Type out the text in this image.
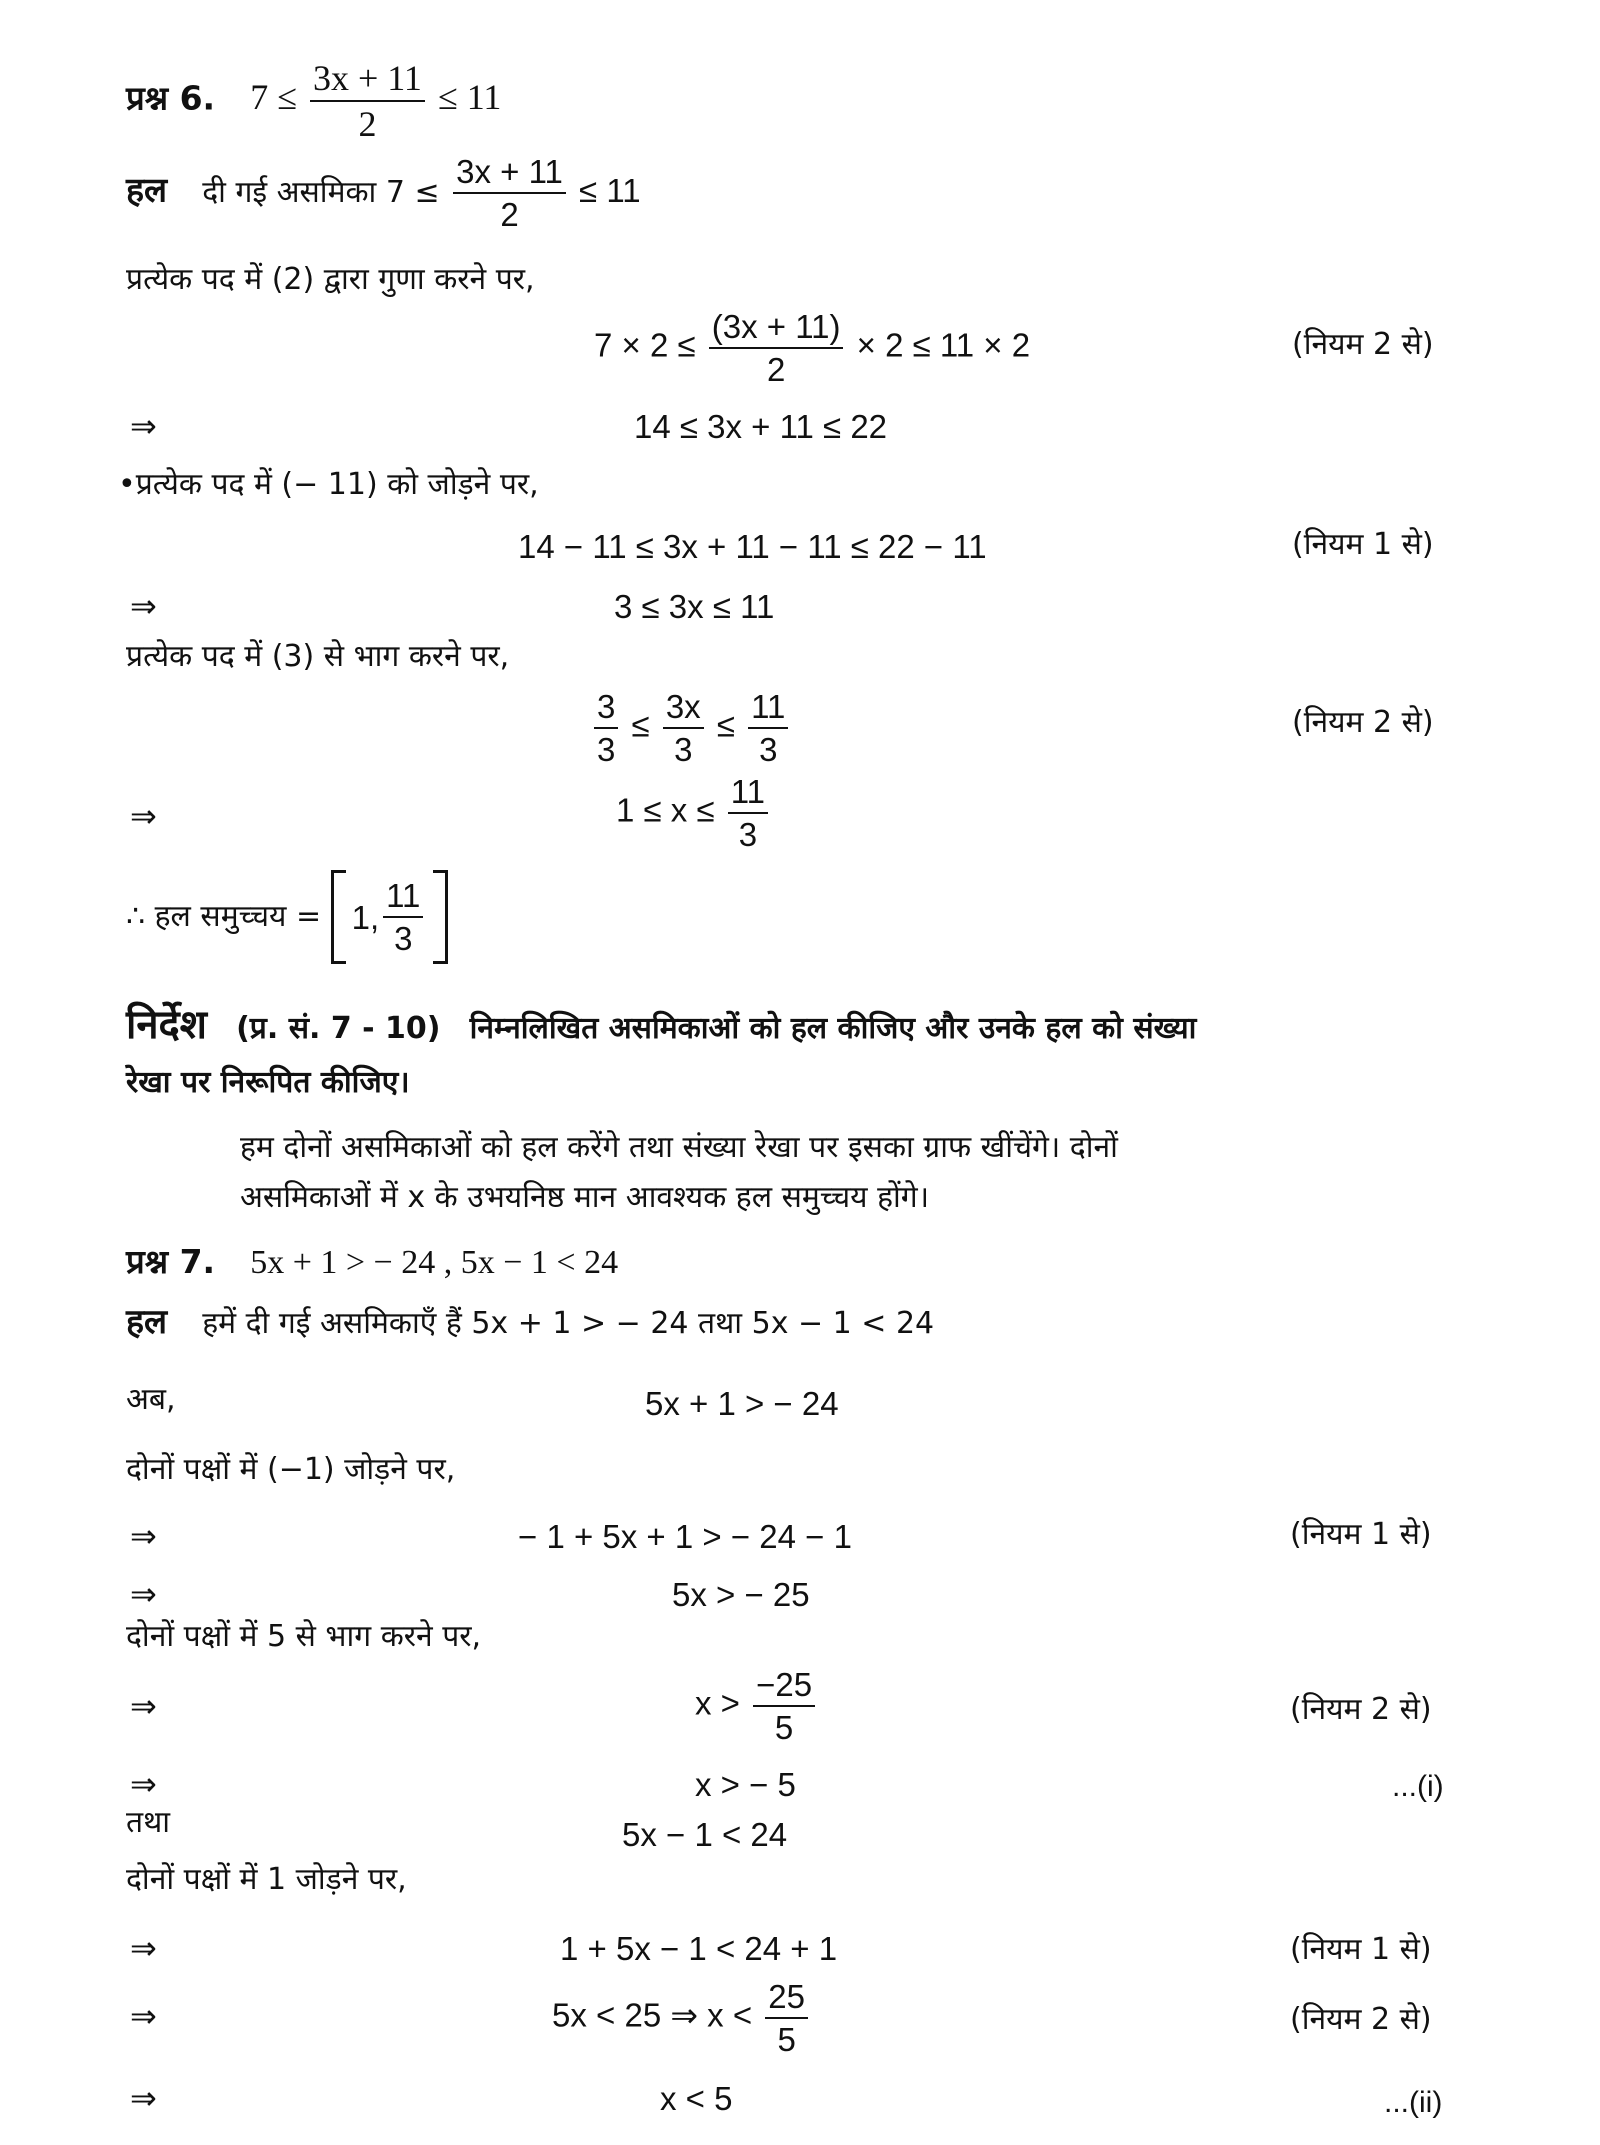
प्रश्न 6. $7 \le \frac{3x + 11}{2} \le 11$
हल दी गई असमिका $7 \le \frac{3x + 11}{2} \le 11$
प्रत्येक पद में (2) द्वारा गुणा करने पर,
$7 \times 2 \le \frac{(3x + 11)}{2} \times 2 \le 11 \times 2$	(नियम 2 से)
⇒	14 ≤ 3x + 11 ≤ 22
•प्रत्येक पद में (− 11) को जोड़ने पर,
14 − 11 ≤ 3x + 11 − 11 ≤ 22 − 11	(नियम 1 से)
⇒	3 ≤ 3x ≤ 11
प्रत्येक पद में (3) से भाग करने पर,
$\frac{3}{3} \le \frac{3x}{3} \le \frac{11}{3}$	(नियम 2 से)
⇒	$1 \le x \le \frac{11}{3}$
∴ हल समुच्चय = 1, $\frac{11}{3}$
निर्देश (प्र. सं. 7 - 10) निम्नलिखित असमिकाओं को हल कीजिए और उनके हल को संख्या
रेखा पर निरूपित कीजिए।
हम दोनों असमिकाओं को हल करेंगे तथा संख्या रेखा पर इसका ग्राफ खींचेंगे। दोनों
असमिकाओं में x के उभयनिष्ठ मान आवश्यक हल समुच्चय होंगे।
प्रश्न 7. 5x + 1 > − 24 , 5x − 1 < 24
हल हमें दी गई असमिकाएँ हैं 5x + 1 > − 24 तथा 5x − 1 < 24
अब,	5x + 1 > − 24
दोनों पक्षों में (−1) जोड़ने पर,
⇒	− 1 + 5x + 1 > − 24 − 1	(नियम 1 से)
⇒	5x > − 25
दोनों पक्षों में 5 से भाग करने पर,
⇒	$x > \frac{-25}{5}$	(नियम 2 से)
⇒	x > − 5	...(i)
तथा	5x − 1 < 24
दोनों पक्षों में 1 जोड़ने पर,
⇒	1 + 5x − 1 < 24 + 1	(नियम 1 से)
⇒	5x < 25 ⇒ $x < \frac{25}{5}$	(नियम 2 से)
⇒	x < 5	...(ii)
